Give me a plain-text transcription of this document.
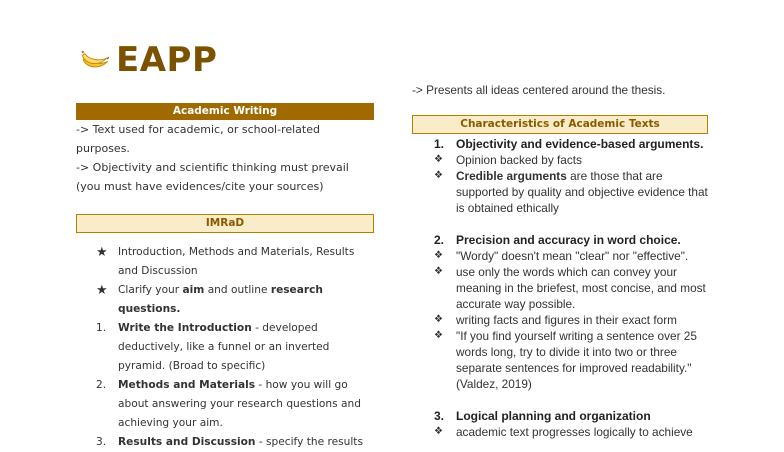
EAPP
Academic Writing

-> Text used for academic, or school-related purposes.

-> Objectivity and scientific thinking must prevail (you must have evidences/cite your sources)

IMRaD
★ Introduction, Methods and Materials, Results and Discussion
★ Clarify your aim and outline research questions.
1.	Write the Introduction - developed deductively, like a funnel or an inverted pyramid. (Broad to specific)
2.	Methods and Materials - how you will go about answering your research questions and achieving your aim.
3.	Results and Discussion - specify the results

-> Presents all ideas centered around the thesis.

Characteristics of Academic Texts
1. Objectivity and evidence-based arguments.
❖	Opinion backed by facts
❖	Credible arguments are those that are supported by quality and objective evidence that is obtained ethically
2. Precision and accuracy in word choice.
❖	"Wordy" doesn't mean "clear" nor "effective".
❖	use only the words which can convey your meaning in the briefest, most concise, and most accurate way possible.
❖	writing facts and figures in their exact form
❖	"If you find yourself writing a sentence over 25 words long, try to divide it into two or three separate sentences for improved readability." (Valdez, 2019)
3. Logical planning and organization
❖	academic text progresses logically to achieve
